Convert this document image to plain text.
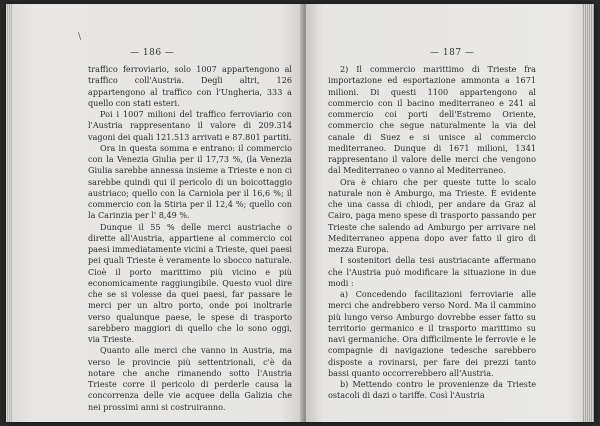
— 186 —
\

traffico ferroviario, solo 1007 appartengono al traffico coll'Austria. Degli altri, 126 appartengono al traffico con l'Ungheria, 333 a quello con stati esteri.

Poi i 1007 milioni del traffico ferroviario con l'Austria rappresentano il valore di 209.314 vagoni dei quali 121.513 arrivati e 87.801 partiti.

Ora in questa somma e entrano: il commercio con la Venezia Giulia per il 17,73 %, (la Venezia Giulia sarebbe annessa insieme a Trieste e non ci sarebbe quindi qui il pericolo di un boicottaggio austriaco; quello con la Carniola per il 16,6 %; il commercio con la Stiria per il 12,4 %; quello con la Carinzia per l' 8,49 %.

Dunque il 55 % delle merci austriache o dirette all'Austria, appartiene al commercio coi paesi immediatamente vicini a Trieste, quei paesi pei quali Trieste è veramente lo sbocco naturale. Cioè il porto marittimo più vicino e più economicamente raggiungibile. Questo vuol dire che se si volesse da quei paesi, far passare le merci per un altro porto, onde poi inoltrarle verso qualunque paese, le spese di trasporto sarebbero maggiori di quello che lo sono oggi, via Trieste.

Quanto alle merci che vanno in Austria, ma verso le provincie più settentrionali, c'è da notare che anche rimanendo sotto l'Austria Trieste corre il pericolo di perderle causa la concorrenza delle vie acquee della Galizia che nei prossimi anni si costruiranno.

— 187 —

2) Il commercio marittimo di Trieste fra importazione ed esportazione ammonta a 1671 milioni. Di questi 1100 appartengono al commercio con il bacino mediterraneo e 241 al commercio coi porti dell'Estremo Oriente, commercio che segue naturalmente la via del canale di Suez e si unisce al commercio mediterraneo. Dunque di 1671 milioni, 1341 rappresentano il valore delle merci che vengono dal Mediterraneo o vanno al Mediterraneo.

Ora è chiaro che per queste tutte lo scalo naturale non è Amburgo, ma Trieste. È evidente che una cassa di chiodi, per andare da Graz al Cairo, paga meno spese di trasporto passando per Trieste che salendo ad Amburgo per arrivare nel Mediterraneo appena dopo aver fatto il giro di mezza Europa.

I sostenitori della tesi austriacante affermano che l'Austria può modificare la situazione in due modi :

a) Concedendo facilitazioni ferroviarie alle merci che andrebbero verso Nord. Ma il cammino più lungo verso Amburgo dovrebbe esser fatto su territorio germanico e il trasporto marittimo su navi germaniche. Ora difficilmente le ferrovie e le compagnie di navigazione tedesche sarebbero disposte a rovinarsi, per fare dei prezzi tanto bassi quanto occorrerebbero all'Austria.

b) Mettendo contro le provenienze da Trieste ostacoli di dazi o tariffe. Così l'Austria
